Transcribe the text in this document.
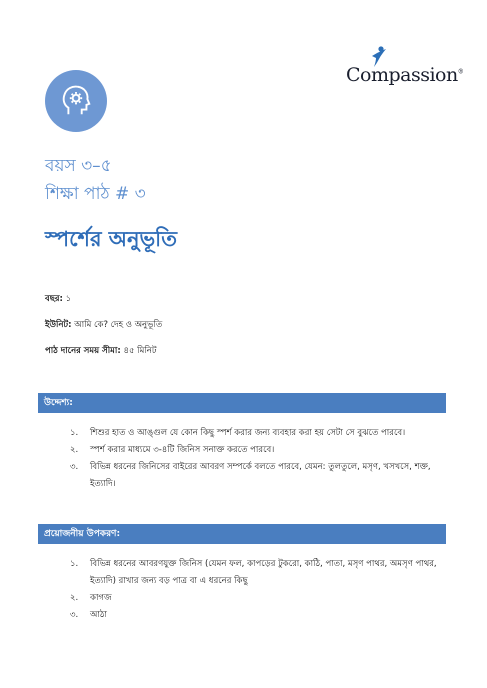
Compassion®
বয়স ৩–৫
শিক্ষা পাঠ # ৩
স্পর্শের অনুভূতি
বছর: ১
ইউনিট: আমি কে? দেহ ও অনুভূতি
পাঠ দানের সময় সীমা: ৪৫ মিনিট
উদ্দেশ্য:
১. শিশুর হাত ও আঙ্গুল যে কোন কিছু স্পর্শ করার জন্য ব্যবহার করা হয় সেটা সে বুঝতে পারবে।
২. স্পর্শ করার মাধ্যমে ৩-৪টি জিনিস সনাক্ত করতে পারবে।
৩. বিভিন্ন ধরনের জিনিসের বাইরের আবরণ সম্পর্কে বলতে পারবে, যেমন: তুলতুলে, মসৃণ, খসখসে, শক্ত, ইত্যাদি।
প্রয়োজনীয় উপকরণ:
১. বিভিন্ন ধরনের আবরণযুক্ত জিনিস (যেমন ফল, কাপড়ের টুকরো, কাঠি, পাতা, মসৃণ পাথর, অমসৃণ পাথর, ইত্যাদি) রাখার জন্য বড় পাত্র বা এ ধরনের কিছু
২. কাগজ
৩. আঠা
